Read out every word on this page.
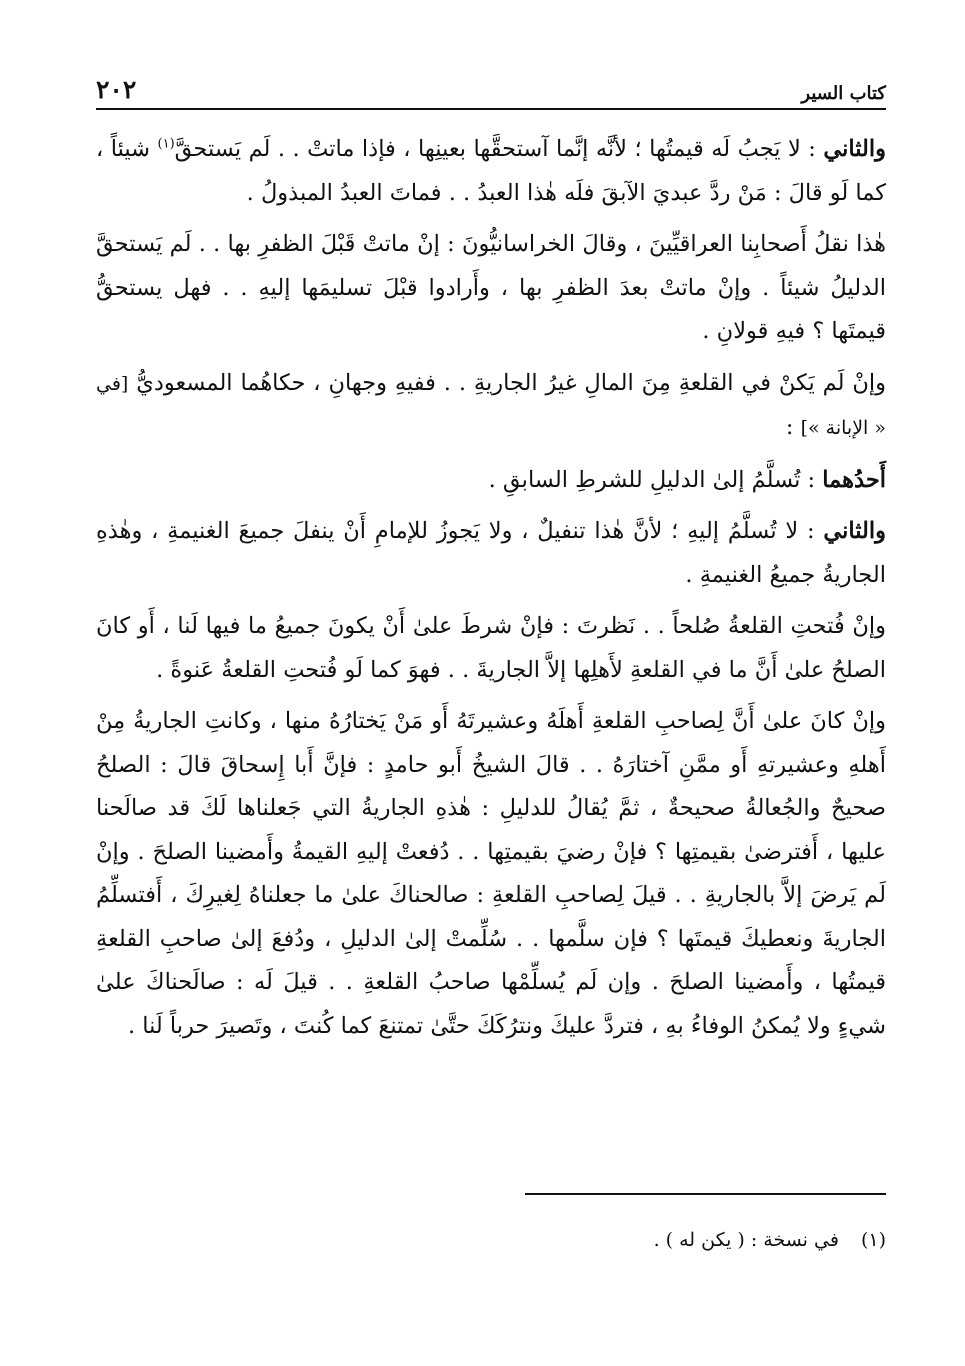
كتاب السير
٢٠٢

والثاني : لا يَجبُ لَه قيمتُها ؛ لأنَّه إنَّما آستحقَّها بعينِها ، فإذا ماتتْ . . لَم يَستحقَّ$^{(١)}$ شيئاً ، كما لَو قالَ : مَنْ ردَّ عبديَ الآبقَ فلَه هٰذا العبدُ . . فماتَ العبدُ المبذولُ .

هٰذا نقلُ أَصحابِنا العراقيِّينَ ، وقالَ الخراسانيُّونَ : إنْ ماتتْ قَبْلَ الظفرِ بها . . لَم يَستحقَّ الدليلُ شيئاً . وإنْ ماتتْ بعدَ الظفرِ بها ، وأَرادوا قبْلَ تسليمَها إليهِ . . فهل يستحقُّ قيمتَها ؟ فيهِ قولانِ .

وإنْ لَم يَكنْ في القلعةِ مِنَ المالِ غيرُ الجاريةِ . . ففيهِ وجهانِ ، حكاهُما المسعوديُّ [في « الإبانة »] :

أَحدُهما : تُسلَّمُ إلىٰ الدليلِ للشرطِ السابقِ .

والثاني : لا تُسلَّمُ إليهِ ؛ لأنَّ هٰذا تنفيلٌ ، ولا يَجوزُ للإمامِ أَنْ ينفلَ جميعَ الغنيمةِ ، وهٰذهِ الجاريةُ جميعُ الغنيمةِ .

وإنْ فُتحتِ القلعةُ صُلحاً . . نَظرتَ : فإنْ شرطَ علىٰ أَنْ يكونَ جميعُ ما فيها لَنا ، أَو كانَ الصلحُ علىٰ أَنَّ ما في القلعةِ لأَهلِها إلاَّ الجاريةَ . . فهوَ كما لَو فُتحتِ القلعةُ عَنوةً .

وإنْ كانَ علىٰ أَنَّ لِصاحبِ القلعةِ أَهلَهُ وعشيرتَهُ أَو مَنْ يَختارُهُ منها ، وكانتِ الجاريةُ مِنْ أَهلهِ وعشيرتهِ أَو ممَّنِ آختارَهُ . . قالَ الشيخُ أَبو حامدٍ : فإنَّ أَبا إِسحاقَ قالَ : الصلحُ صحيحٌ والجُعالةُ صحيحةٌ ، ثمَّ يُقالُ للدليلِ : هٰذهِ الجاريةُ التي جَعلناها لَكَ قد صالَحنا عليها ، أَفترضىٰ بقيمتِها ؟ فإنْ رضيَ بقيمتِها . . دُفعتْ إليهِ القيمةُ وأَمضينا الصلحَ . وإنْ لَم يَرضَ إلاَّ بالجاريةِ . . قيلَ لِصاحبِ القلعةِ : صالحناكَ علىٰ ما جعلناهُ لِغيرِكَ ، أَفتسلِّمُ الجاريةَ ونعطيكَ قيمتَها ؟ فإن سلَّمها . . سُلِّمتْ إلىٰ الدليلِ ، ودُفعَ إلىٰ صاحبِ القلعةِ قيمتُها ، وأَمضينا الصلحَ . وإن لَم يُسلِّمْها صاحبُ القلعةِ . . قيلَ لَه : صالَحناكَ علىٰ شيءٍ ولا يُمكنُ الوفاءُ بهِ ، فتردَّ عليكَ ونترُكَكَ حتَّىٰ تمتنعَ كما كُنتَ ، وتَصيرَ حرباً لَنا .

(١)في نسخة : ( يكن له ) .
